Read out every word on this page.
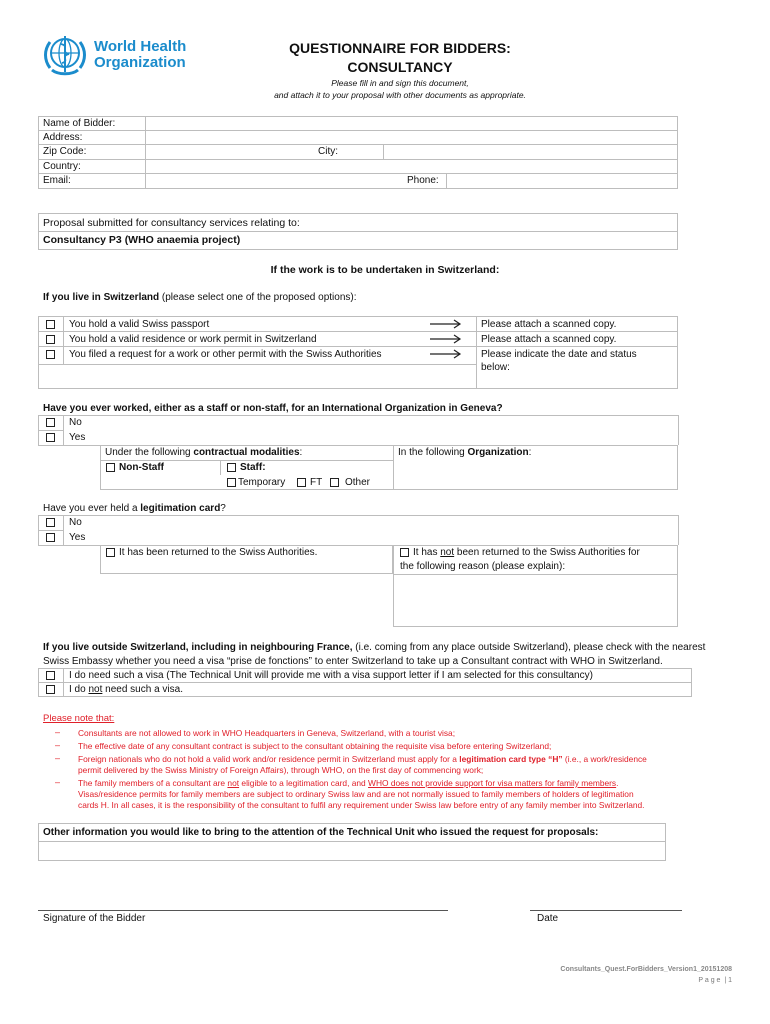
World Health
Organization
QUESTIONNAIRE FOR BIDDERS:
CONSULTANCY
Please fill in and sign this document,
and attach it to your proposal with other documents as appropriate.
Name of Bidder:
Address:
Zip Code:	City:
Country:
Email:	Phone:
Proposal submitted for consultancy services relating to:
Consultancy P3 (WHO anaemia project)
If the work is to be undertaken in Switzerland:
If you live in Switzerland (please select one of the proposed options):
You hold a valid Swiss passport	Please attach a scanned copy.
You hold a valid residence or work permit in Switzerland	Please attach a scanned copy.
You filed a request for a work or other permit with the Swiss Authorities	Please indicate the date and status
below:
Have you ever worked, either as a staff or non-staff, for an International Organization in Geneva?
No
Yes
Under the following contractual modalities:	In the following Organization:
Non-Staff	Staff:
Temporary FT Other
Have you ever held a legitimation card?
No
Yes
It has been returned to the Swiss Authorities.	It has not been returned to the Swiss Authorities for
the following reason (please explain):
If you live outside Switzerland, including in neighbouring France, (i.e. coming from any place outside Switzerland), please check with the nearest
Swiss Embassy whether you need a visa “prise de fonctions” to enter Switzerland to take up a Consultant contract with WHO in Switzerland.
I do need such a visa (The Technical Unit will provide me with a visa support letter if I am selected for this consultancy)
I do not need such a visa.
Please note that:
– Consultants are not allowed to work in WHO Headquarters in Geneva, Switzerland, with a tourist visa;
– The effective date of any consultant contract is subject to the consultant obtaining the requisite visa before entering Switzerland;
– Foreign nationals who do not hold a valid work and/or residence permit in Switzerland must apply for a legitimation card type “H” (i.e., a work/residence
permit delivered by the Swiss Ministry of Foreign Affairs), through WHO, on the first day of commencing work;
– The family members of a consultant are not eligible to a legitimation card, and WHO does not provide support for visa matters for family members.
Visas/residence permits for family members are subject to ordinary Swiss law and are not normally issued to family members of holders of legitimation
cards H. In all cases, it is the responsibility of the consultant to fulfil any requirement under Swiss law before entry of any family member into Switzerland.
Other information you would like to bring to the attention of the Technical Unit who issued the request for proposals:
Signature of the Bidder	Date
Consultants_Quest.ForBidders_Version1_20151208
P a g e  | 1
